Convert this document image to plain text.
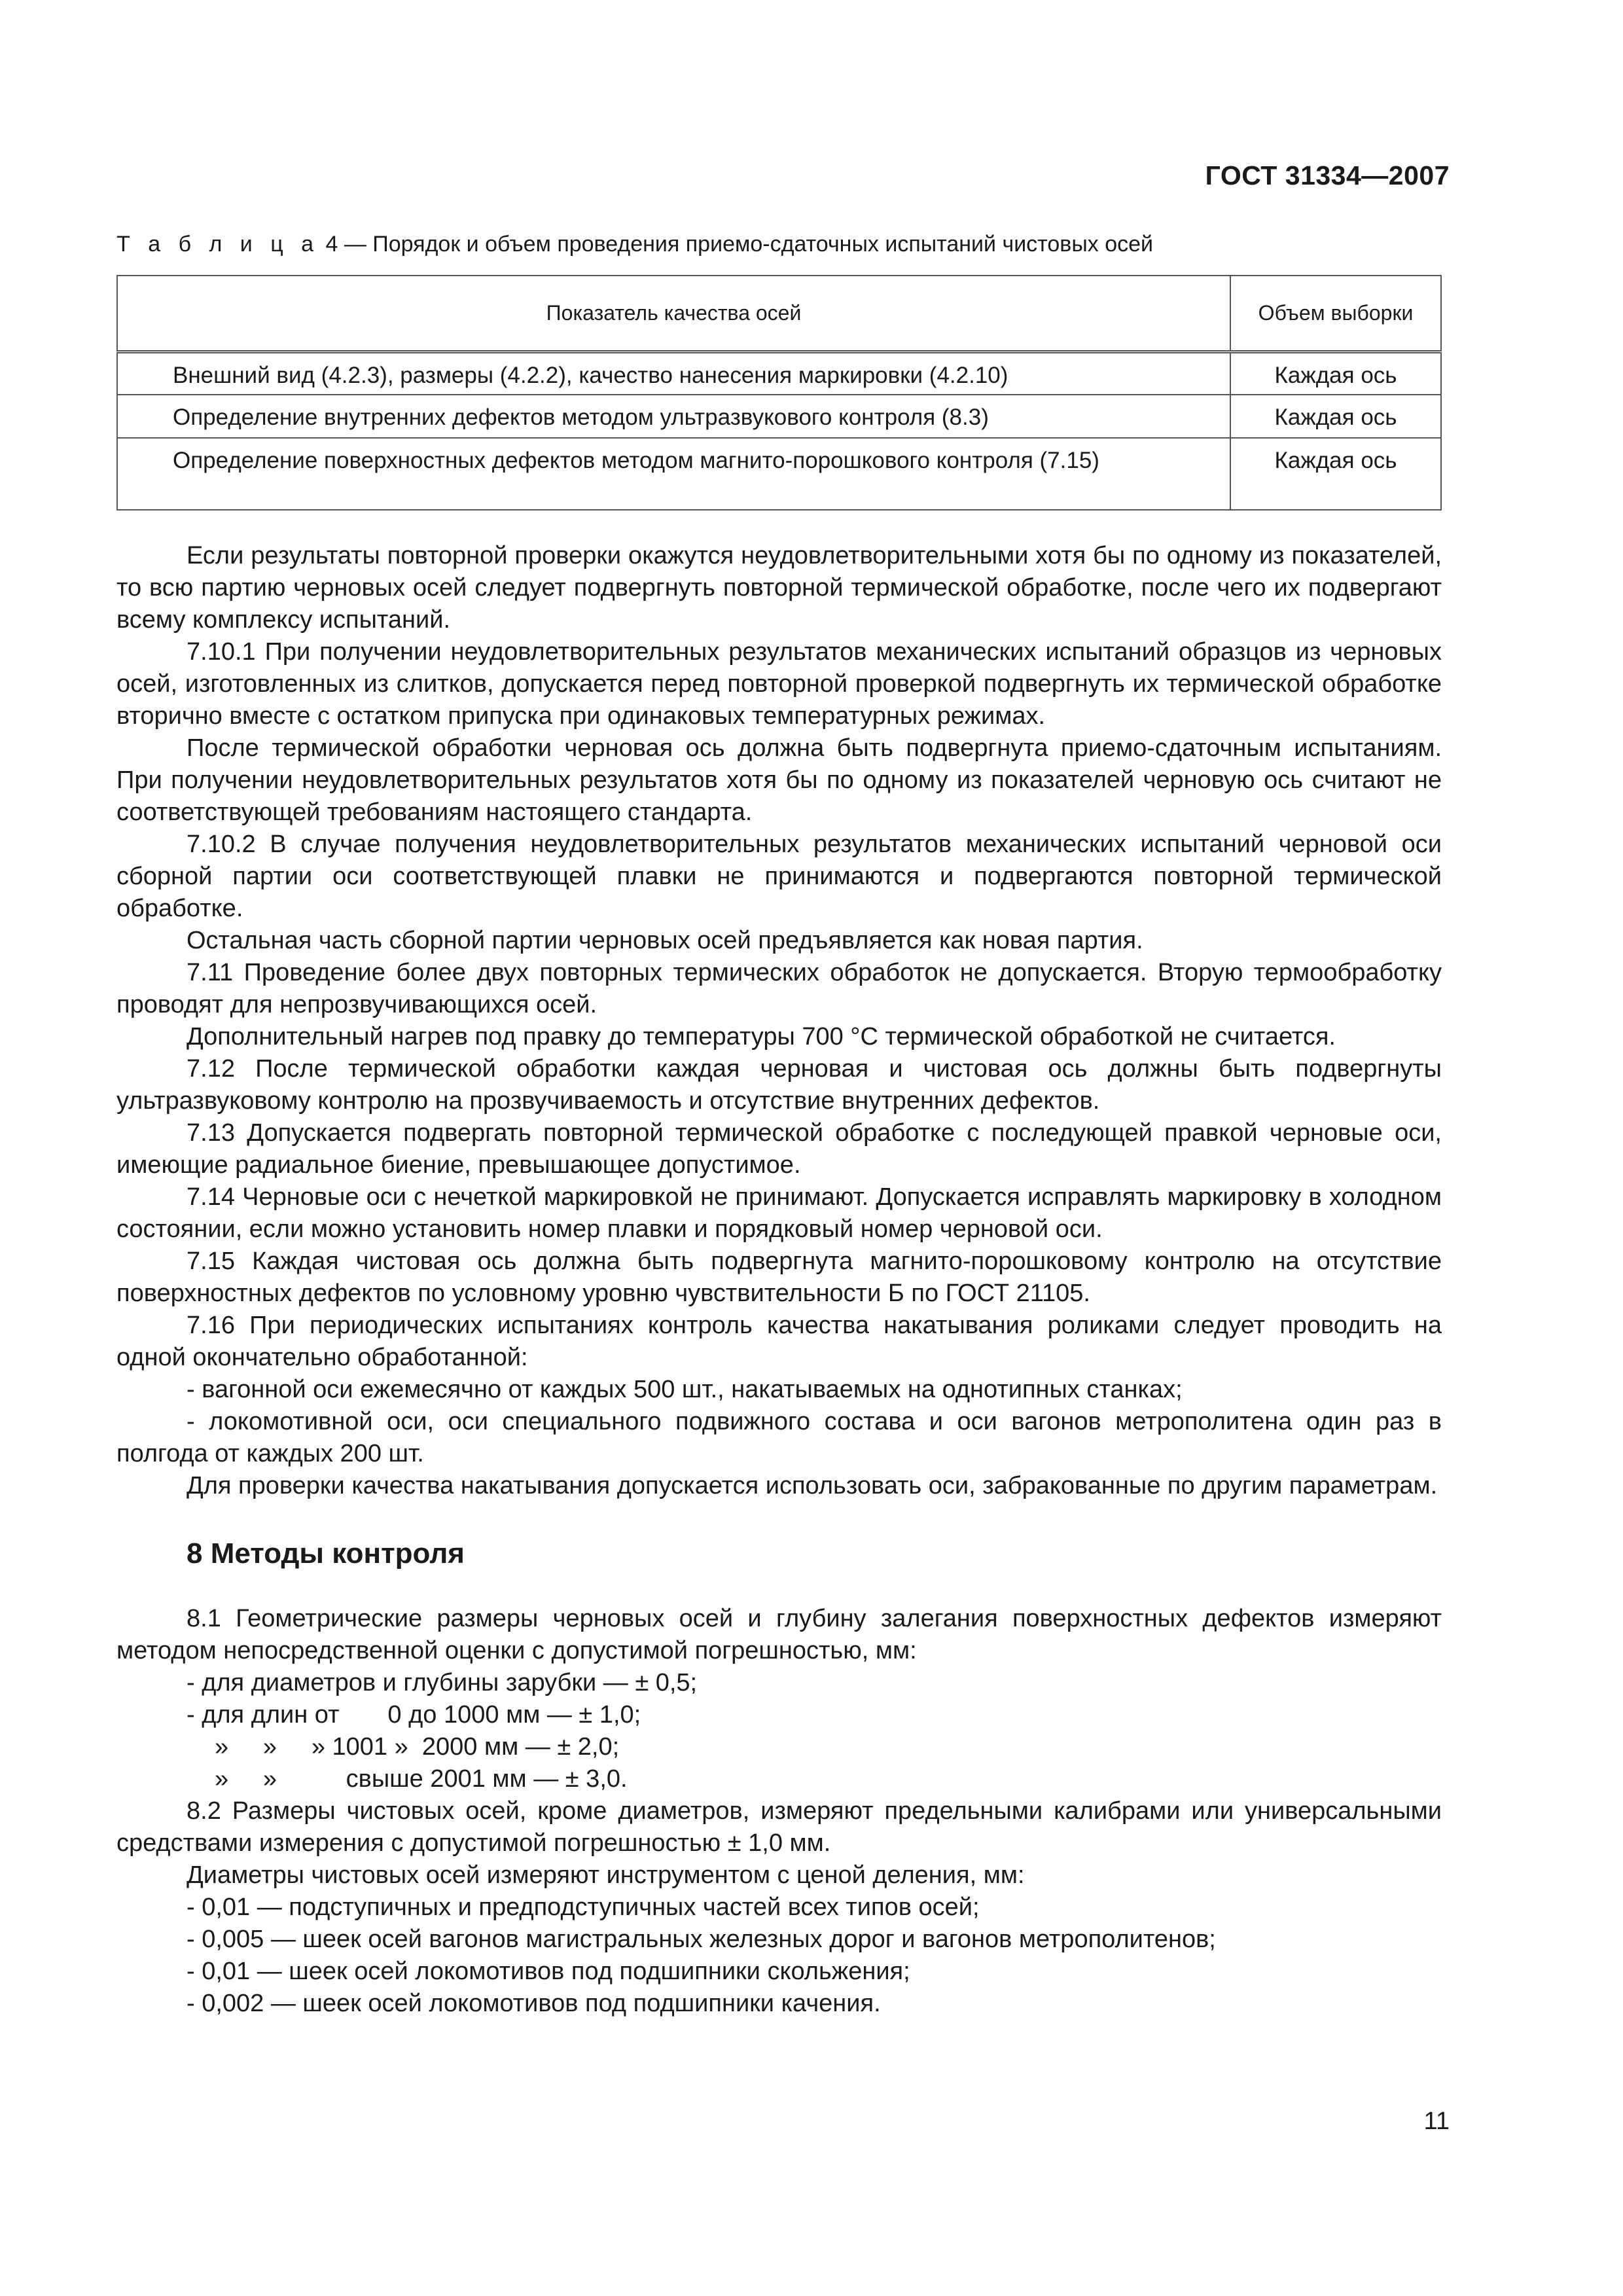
ГОСТ 31334—2007
Т а б л и ц а 4 — Порядок и объем проведения приемо-сдаточных испытаний чистовых осей
Показатель качества осей	Объем выборки
Внешний вид (4.2.3), размеры (4.2.2), качество нанесения маркировки (4.2.10)	Каждая ось
Определение внутренних дефектов методом ультразвукового контроля (8.3)	Каждая ось
Определение поверхностных дефектов методом магнито-порошкового контроля (7.15)	Каждая ось

Если результаты повторной проверки окажутся неудовлетворительными хотя бы по одному из показателей, то всю партию черновых осей следует подвергнуть повторной термической обработке, после чего их подвергают всему комплексу испытаний.

7.10.1 При получении неудовлетворительных результатов механических испытаний образцов из черновых осей, изготовленных из слитков, допускается перед повторной проверкой подвергнуть их термической обработке вторично вместе с остатком припуска при одинаковых температурных режимах.

После термической обработки черновая ось должна быть подвергнута приемо-сдаточным испытаниям. При получении неудовлетворительных результатов хотя бы по одному из показателей черновую ось считают не соответствующей требованиям настоящего стандарта.

7.10.2 В случае получения неудовлетворительных результатов механических испытаний черновой оси сборной партии оси соответствующей плавки не принимаются и подвергаются повторной термической обработке.

Остальная часть сборной партии черновых осей предъявляется как новая партия.

7.11 Проведение более двух повторных термических обработок не допускается. Вторую термообработку проводят для непрозвучивающихся осей.

Дополнительный нагрев под правку до температуры 700 °С термической обработкой не считается.

7.12 После термической обработки каждая черновая и чистовая ось должны быть подвергнуты ультразвуковому контролю на прозвучиваемость и отсутствие внутренних дефектов.

7.13 Допускается подвергать повторной термической обработке с последующей правкой черновые оси, имеющие радиальное биение, превышающее допустимое.

7.14 Черновые оси с нечеткой маркировкой не принимают. Допускается исправлять маркировку в холодном состоянии, если можно установить номер плавки и порядковый номер черновой оси.

7.15 Каждая чистовая ось должна быть подвергнута магнито-порошковому контролю на отсутствие поверхностных дефектов по условному уровню чувствительности Б по ГОСТ 21105.

7.16 При периодических испытаниях контроль качества накатывания роликами следует проводить на одной окончательно обработанной:

- вагонной оси ежемесячно от каждых 500 шт., накатываемых на однотипных станках;

- локомотивной оси, оси специального подвижного состава и оси вагонов метрополитена один раз в полгода от каждых 200 шт.

Для проверки качества накатывания допускается использовать оси, забракованные по другим параметрам.

8 Методы контроля

8.1 Геометрические размеры черновых осей и глубину залегания поверхностных дефектов измеряют методом непосредственной оценки с допустимой погрешностью, мм:

- для диаметров и глубины зарубки — ± 0,5;

- для длин от       0 до 1000 мм — ± 1,0;

»     »     » 1001 »  2000 мм — ± 2,0;

»     »          свыше 2001 мм — ± 3,0.

8.2 Размеры чистовых осей, кроме диаметров, измеряют предельными калибрами или универсальными средствами измерения с допустимой погрешностью ± 1,0 мм.

Диаметры чистовых осей измеряют инструментом с ценой деления, мм:

- 0,01 — подступичных и предподступичных частей всех типов осей;

- 0,005 — шеек осей вагонов магистральных железных дорог и вагонов метрополитенов;

- 0,01 — шеек осей локомотивов под подшипники скольжения;

- 0,002 — шеек осей локомотивов под подшипники качения.

11
